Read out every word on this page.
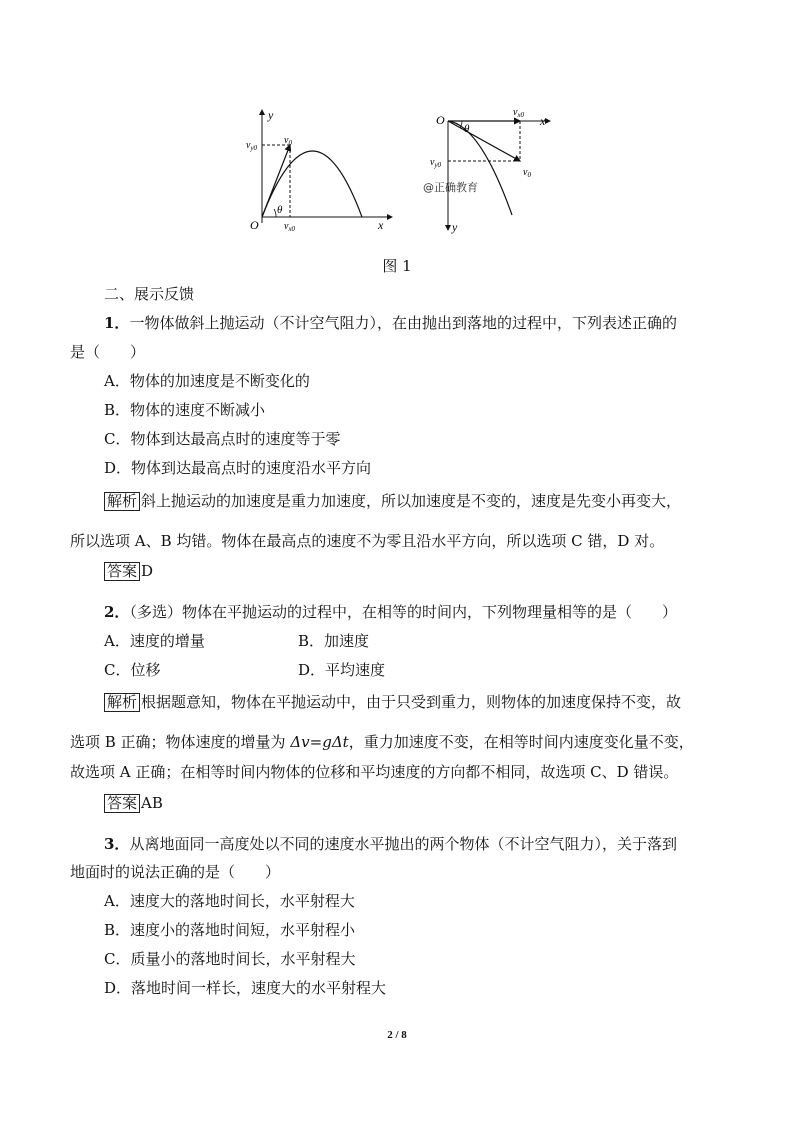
θ
y
x
O
$v_0$
$v_{y0}$
$v_{x0}$
θ
O	x
y
$v_{x0}$
$v_{y0}$
$v_0$
@正确教育
图 1
二、展示反馈
1．一物体做斜上抛运动（不计空气阻力），在由抛出到落地的过程中，下列表述正确的
是（　　）
A．物体的加速度是不断变化的
B．物体的速度不断减小
C．物体到达最高点时的速度等于零
D．物体到达最高点时的速度沿水平方向
解析 斜上抛运动的加速度是重力加速度，所以加速度是不变的，速度是先变小再变大，
所以选项 A、B 均错。物体在最高点的速度不为零且沿水平方向，所以选项 C 错，D 对。
答案 D
2．（多选）物体在平抛运动的过程中，在相等的时间内，下列物理量相等的是（　　）
A．速度的增量	B．加速度
C．位移	D．平均速度
解析 根据题意知，物体在平抛运动中，由于只受到重力，则物体的加速度保持不变，故
选项 B 正确；物体速度的增量为 Δv=gΔt，重力加速度不变，在相等时间内速度变化量不变，
故选项 A 正确；在相等时间内物体的位移和平均速度的方向都不相同，故选项 C、D 错误。
答案 AB
3．从离地面同一高度处以不同的速度水平抛出的两个物体（不计空气阻力），关于落到
地面时的说法正确的是（　　）
A．速度大的落地时间长，水平射程大
B．速度小的落地时间短，水平射程小
C．质量小的落地时间长，水平射程大
D．落地时间一样长，速度大的水平射程大
2 / 8
